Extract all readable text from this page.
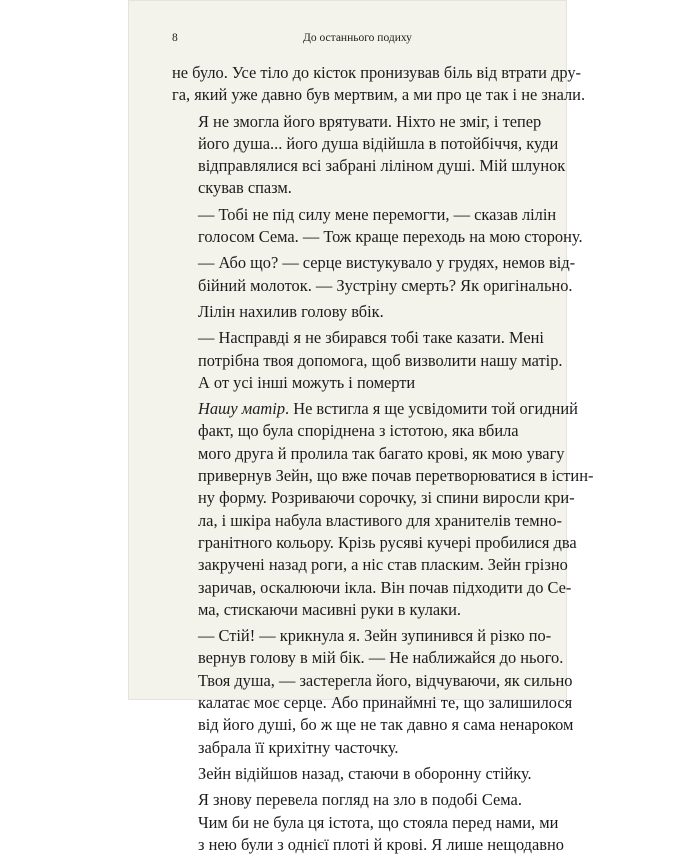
8	До останнього подиху

не було. Усе тіло до кісток пронизував біль від втрати дру-
га, який уже давно був мертвим, а ми про це так і не знали.

Я не змогла його врятувати. Ніхто не зміг, і тепер
його душа... його душа відійшла в потойбіччя, куди
відправлялися всі забрані лілінoм душі. Мій шлунок
скував спазм.

— Тобі не під силу мене перемогти, — сказав лілін
голосом Сема. — Тож краще переходь на мою сторону.

— Або що? — серце вистукувало у грудях, немов від-
бійний молоток. — Зустріну смерть? Як оригінально.

Лілін нахилив голову вбік.

— Насправді я не збирався тобі таке казати. Мені
потрібна твоя допомога, щоб визволити нашу матір.
А от усі інші можуть і померти

Нашу матір. Не встигла я ще усвідомити той огидний
факт, що була споріднена з істотою, яка вбила
мого друга й пролила так багато крові, як мою увагу
привернув Зейн, що вже почав перетворюватися в істин-
ну форму. Розриваючи сорочку, зі спини виросли кри-
ла, і шкіра набула властивого для хранителів темно-
гранітного кольору. Крізь русяві кучері пробилися два
закручені назад роги, а ніс став пласким. Зейн грізно
заричав, оскалюючи ікла. Він почав підходити до Се-
ма, стискаючи масивні руки в кулаки.

— Стій! — крикнула я. Зейн зупинився й різко по-
вернув голову в мій бік. — Не наближайся до нього.
Твоя душа, — застерегла його, відчуваючи, як сильно
калатає моє серце. Або принаймні те, що залишилося
від його душі, бо ж ще не так давно я сама ненароком
забрала її крихітну часточку.

Зейн відійшов назад, стаючи в оборонну стійку.

Я знову перевела погляд на зло в подобі Сема.
Чим би не була ця істота, що стояла перед нами, ми
з нею були з однієї плоті й крові. Я лише нещодавно
